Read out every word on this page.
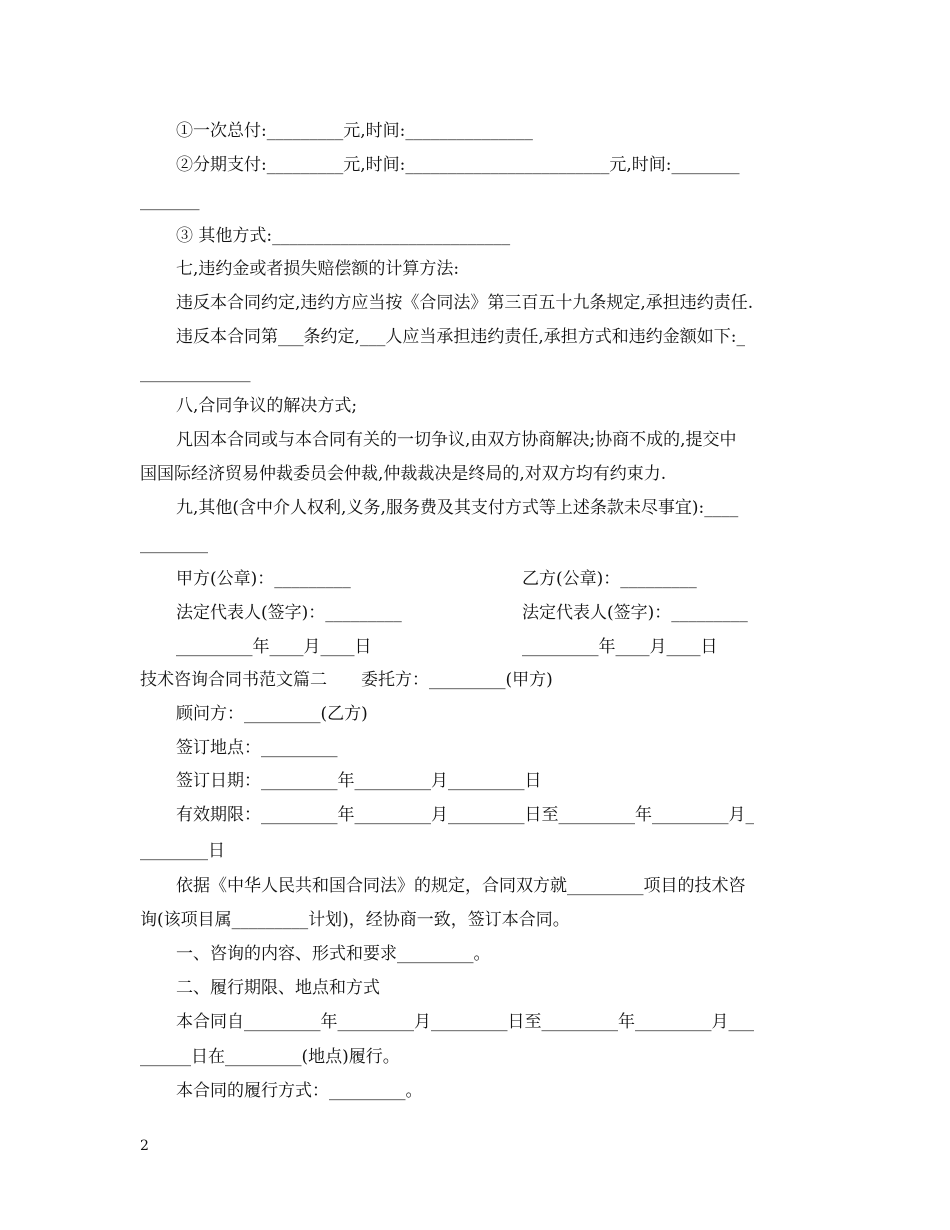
①一次总付:_________元,时间:_______________
②分期支付:_________元,时间:________________________元,时间:________
_______
③ 其他方式:____________________________
七,违约金或者损失赔偿额的计算方法:
违反本合同约定,违约方应当按《合同法》第三百五十九条规定,承担违约责任.
违反本合同第___条约定,___人应当承担违约责任,承担方式和违约金额如下:_
_____________
八,合同争议的解决方式;
凡因本合同或与本合同有关的一切争议,由双方协商解决;协商不成的,提交中
国国际经济贸易仲裁委员会仲裁,仲裁裁决是终局的,对双方均有约束力.
九,其他(含中介人权利,义务,服务费及其支付方式等上述条款未尽事宜):____
________
甲方(公章)：_________	乙方(公章)：_________
法定代表人(签字)：_________	法定代表人(签字)：_________
_________年____月____日	_________年____月____日
技术咨询合同书范文篇二　　委托方：_________(甲方)
顾问方：_________(乙方)
签订地点：_________
签订日期：_________年_________月_________日
有效期限：_________年_________月_________日至_________年_________月_
________日
依据《中华人民共和国合同法》的规定，合同双方就_________项目的技术咨
询(该项目属_________计划)，经协商一致，签订本合同。
一、咨询的内容、形式和要求_________。
二、履行期限、地点和方式
本合同自_________年_________月_________日至_________年_________月___
______日在_________(地点)履行。
本合同的履行方式：_________。
2
